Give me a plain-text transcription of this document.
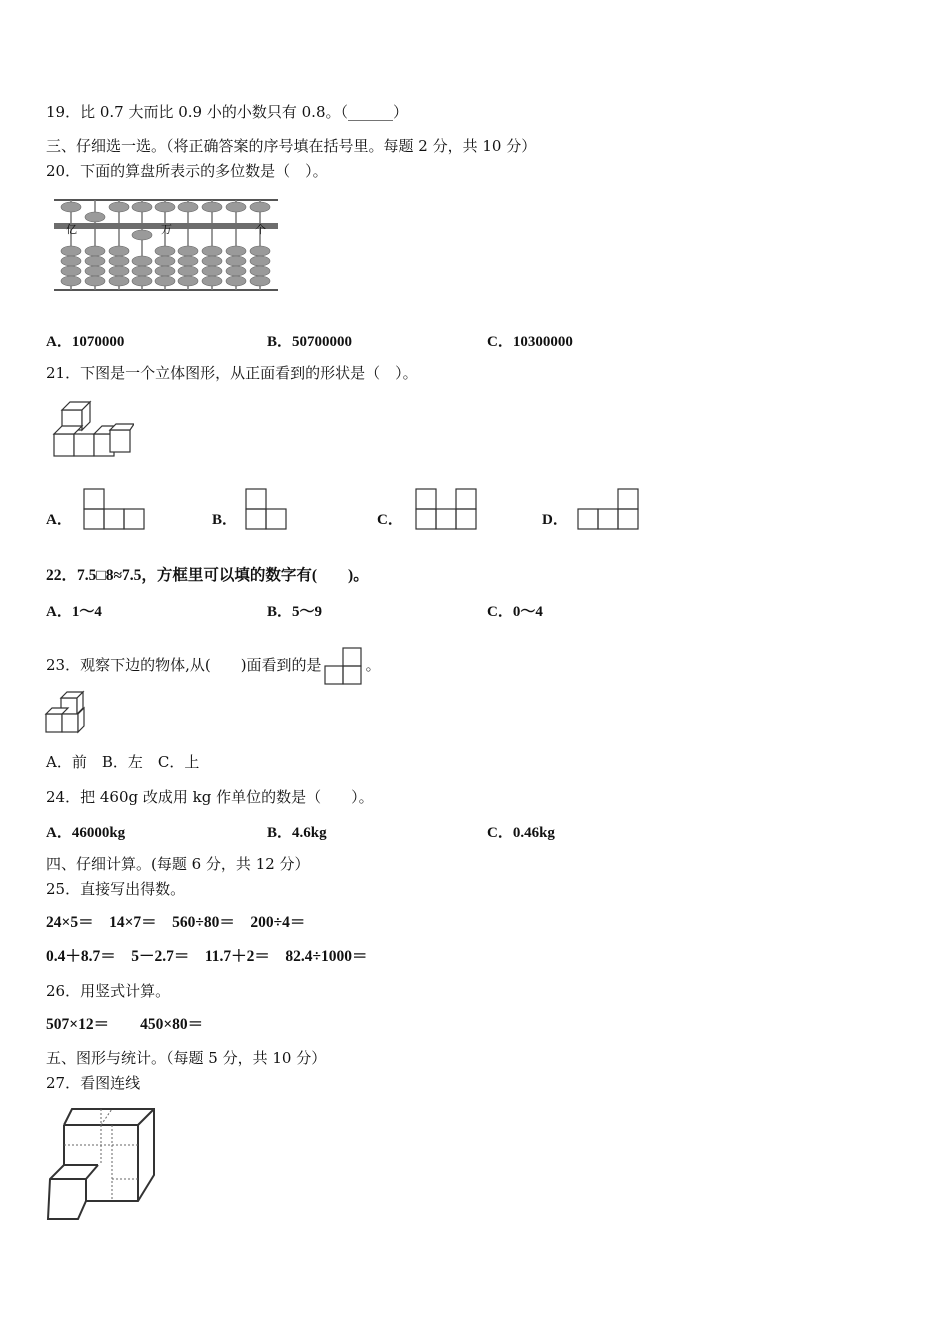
19．比 0.7 大而比 0.9 小的小数只有 0.8。（______）
三、仔细选一选。（将正确答案的序号填在括号里。每题 2 分，共 10 分）
20．下面的算盘所表示的多位数是（　）。
亿	万	个
A．1070000	B．50700000	C．10300000
21．下图是一个立体图形，从正面看到的形状是（　）。
A．	B．	C．	D．
22．7.5□8≈7.5，方框里可以填的数字有(　　)。
A．1～4	B．5～9	C．0～4
23．观察下边的物体,从(　　)面看到的是	。
A．前　B．左　C．上
24．把 460g 改成用 kg 作单位的数是（　　）。
A．46000kg	B．4.6kg	C．0.46kg
四、仔细计算。(每题 6 分，共 12 分）
25．直接写出得数。
24×5＝　14×7＝　560÷80＝　200÷4＝
0.4＋8.7＝　5－2.7＝　11.7＋2＝　82.4÷1000＝
26．用竖式计算。
507×12＝　　450×80＝
五、图形与统计。（每题 5 分，共 10 分）
27．看图连线
